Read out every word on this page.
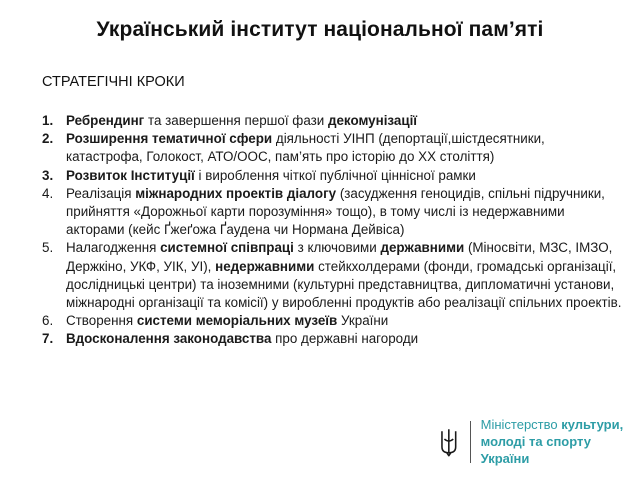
Український інститут національної пам’яті
СТРАТЕГІЧНІ КРОКИ
1. Ребрендинг та завершення першої фази декомунізації
2. Розширення тематичної сфери діяльності УІНП (депортації,шістдесятники, катастрофа, Голокост, АТО/ООС, пам’ять про історію до ХХ століття)
3. Розвиток Інституції і вироблення чіткої публічної ціннісної рамки
4. Реалізація міжнародних проектів діалогу (засудження геноцидів, спільні підручники, прийняття «Дорожньої карти порозуміння» тощо), в тому числі із недержавними акторами (кейс Ґжеґожа Ґаудена чи Нормана Дейвіса)
5. Налагодження системної співпраці з ключовими державними (Міносвіти, МЗС, ІМЗО, Держкіно, УКФ, УІК, УІ), недержавними стейкхолдерами (фонди, громадські організації, дослідницькі центри) та іноземними (культурні представництва, дипломатичні установи, міжнародні організації та комісії) у виробленні продуктів або реалізації спільних проектів.
6. Створення системи меморіальних музеїв України
7. Вдосконалення законодавства про державні нагороди
Міністерство культури,
молоді та спорту України
